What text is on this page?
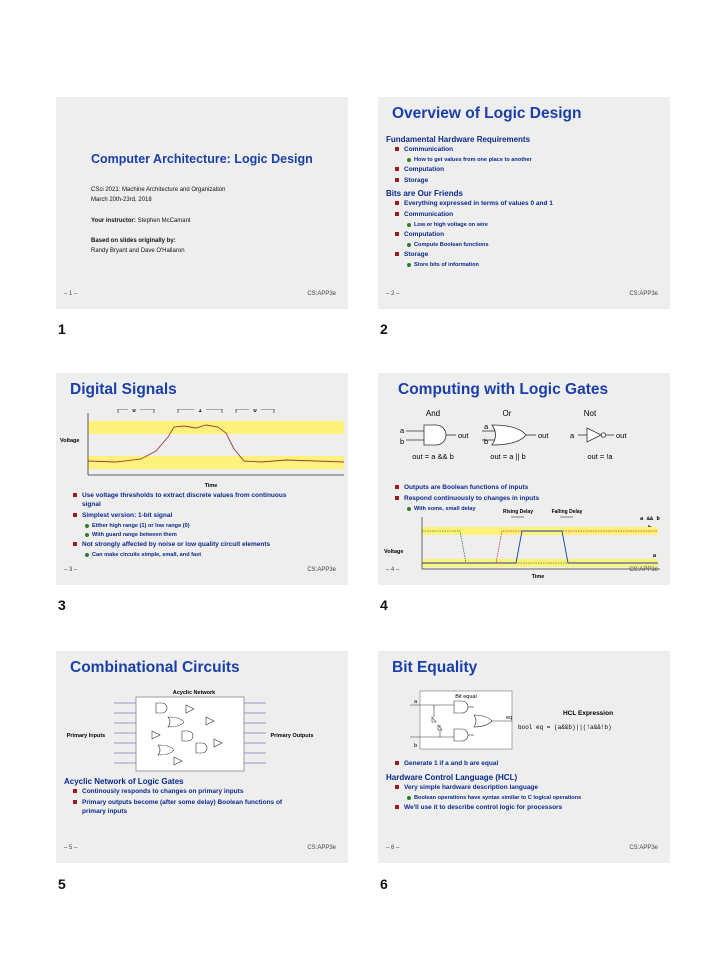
Computer Architecture: Logic Design
CSci 2021: Machine Architecture and Organization
March 20th-23rd, 2018
Your instructor: Stephen McCamant
Based on slides originally by:
Randy Bryant and Dave O'Hallaron
– 1 –	CS:APP3e
1
Overview of Logic Design
Fundamental Hardware Requirements
Communication
How to get values from one place to another
Computation
Storage
Bits are Our Friends
Everything expressed in terms of values 0 and 1
Communication
Low or high voltage on wire
Computation
Compute Boolean functions
Storage
Store bits of information
– 2 –	CS:APP3e
2
Digital Signals
0	1	0
Voltage
Time
Use voltage thresholds to extract discrete values from continuous signal
Simplest version: 1-bit signal
Either high range (1) or low range (0)
With guard range between them
Not strongly affected by noise or low quality circuit elements
Can make circuits simple, small, and fast
– 3 –	CS:APP3e
3
Computing with Logic Gates
And	Or	Not
a
b
out
a
b
out	a	out
out = a && b	out = a || b	out = !a
Outputs are Boolean functions of inputs
Respond continuously to changes in inputs
With some, small delay	Rising Delay	Falling Delay
a && b
Voltage
a
Time
– 4 –	CS:APP3e
4
Combinational Circuits
Acyclic Network
Primary Inputs	Primary Outputs
Acyclic Network of Logic Gates
Continously responds to changes on primary inputs
Primary outputs become (after some delay) Boolean functions of primary inputs
– 5 –	CS:APP3e
5
Bit Equality
Bit equal
a
b
eq
HCL Expression
bool eq = (a&&b)||(!a&&!b)
Generate 1 if a and b are equal
Hardware Control Language (HCL)
Very simple hardware description language
Boolean operations have syntax similar to C logical operations
We'll use it to describe control logic for processors
– 6 –	CS:APP3e
6
